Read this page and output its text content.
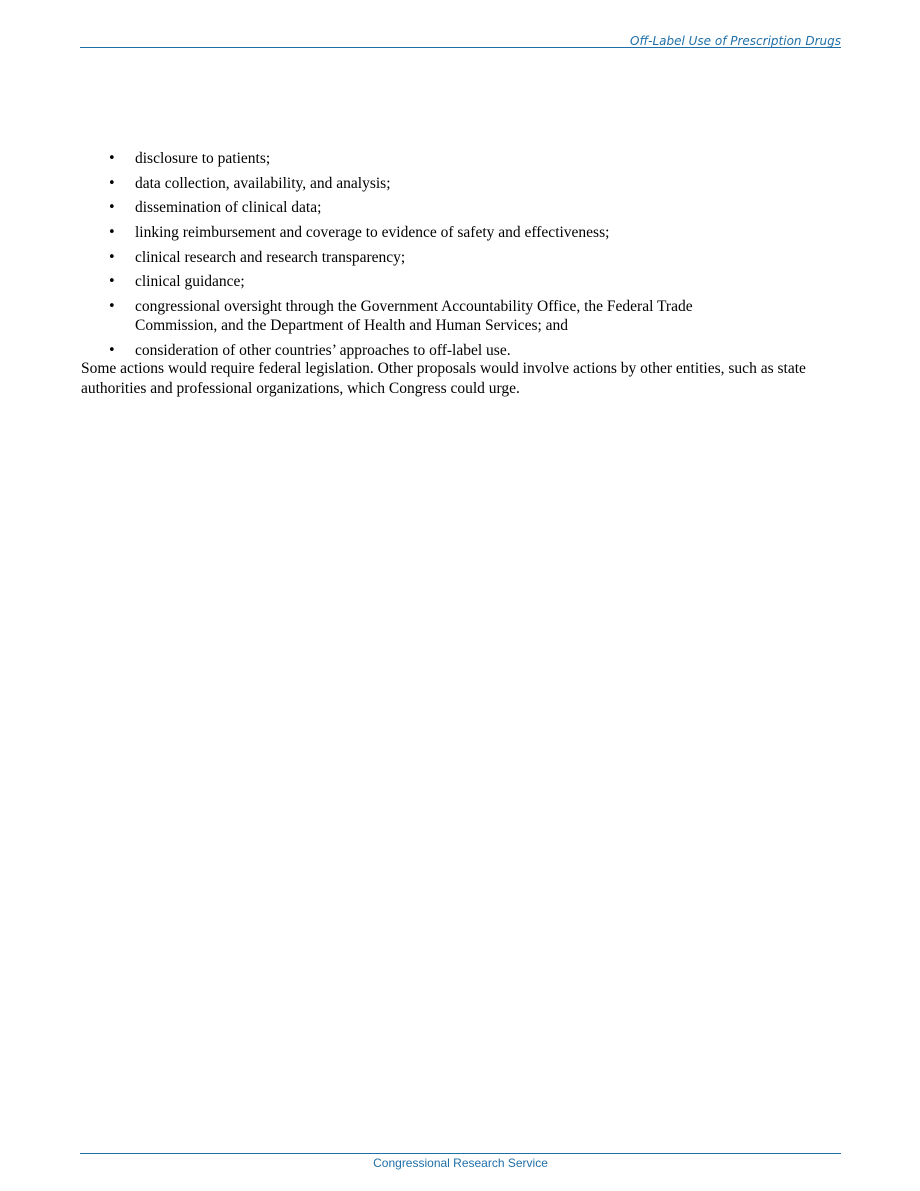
Off-Label Use of Prescription Drugs
• disclosure to patients;
• data collection, availability, and analysis;
• dissemination of clinical data;
• linking reimbursement and coverage to evidence of safety and effectiveness;
• clinical research and research transparency;
• clinical guidance;
• congressional oversight through the Government Accountability Office, the Federal Trade Commission, and the Department of Health and Human Services; and
• consideration of other countries’ approaches to off-label use.

Some actions would require federal legislation. Other proposals would involve actions by other entities, such as state authorities and professional organizations, which Congress could urge.

Congressional Research Service
